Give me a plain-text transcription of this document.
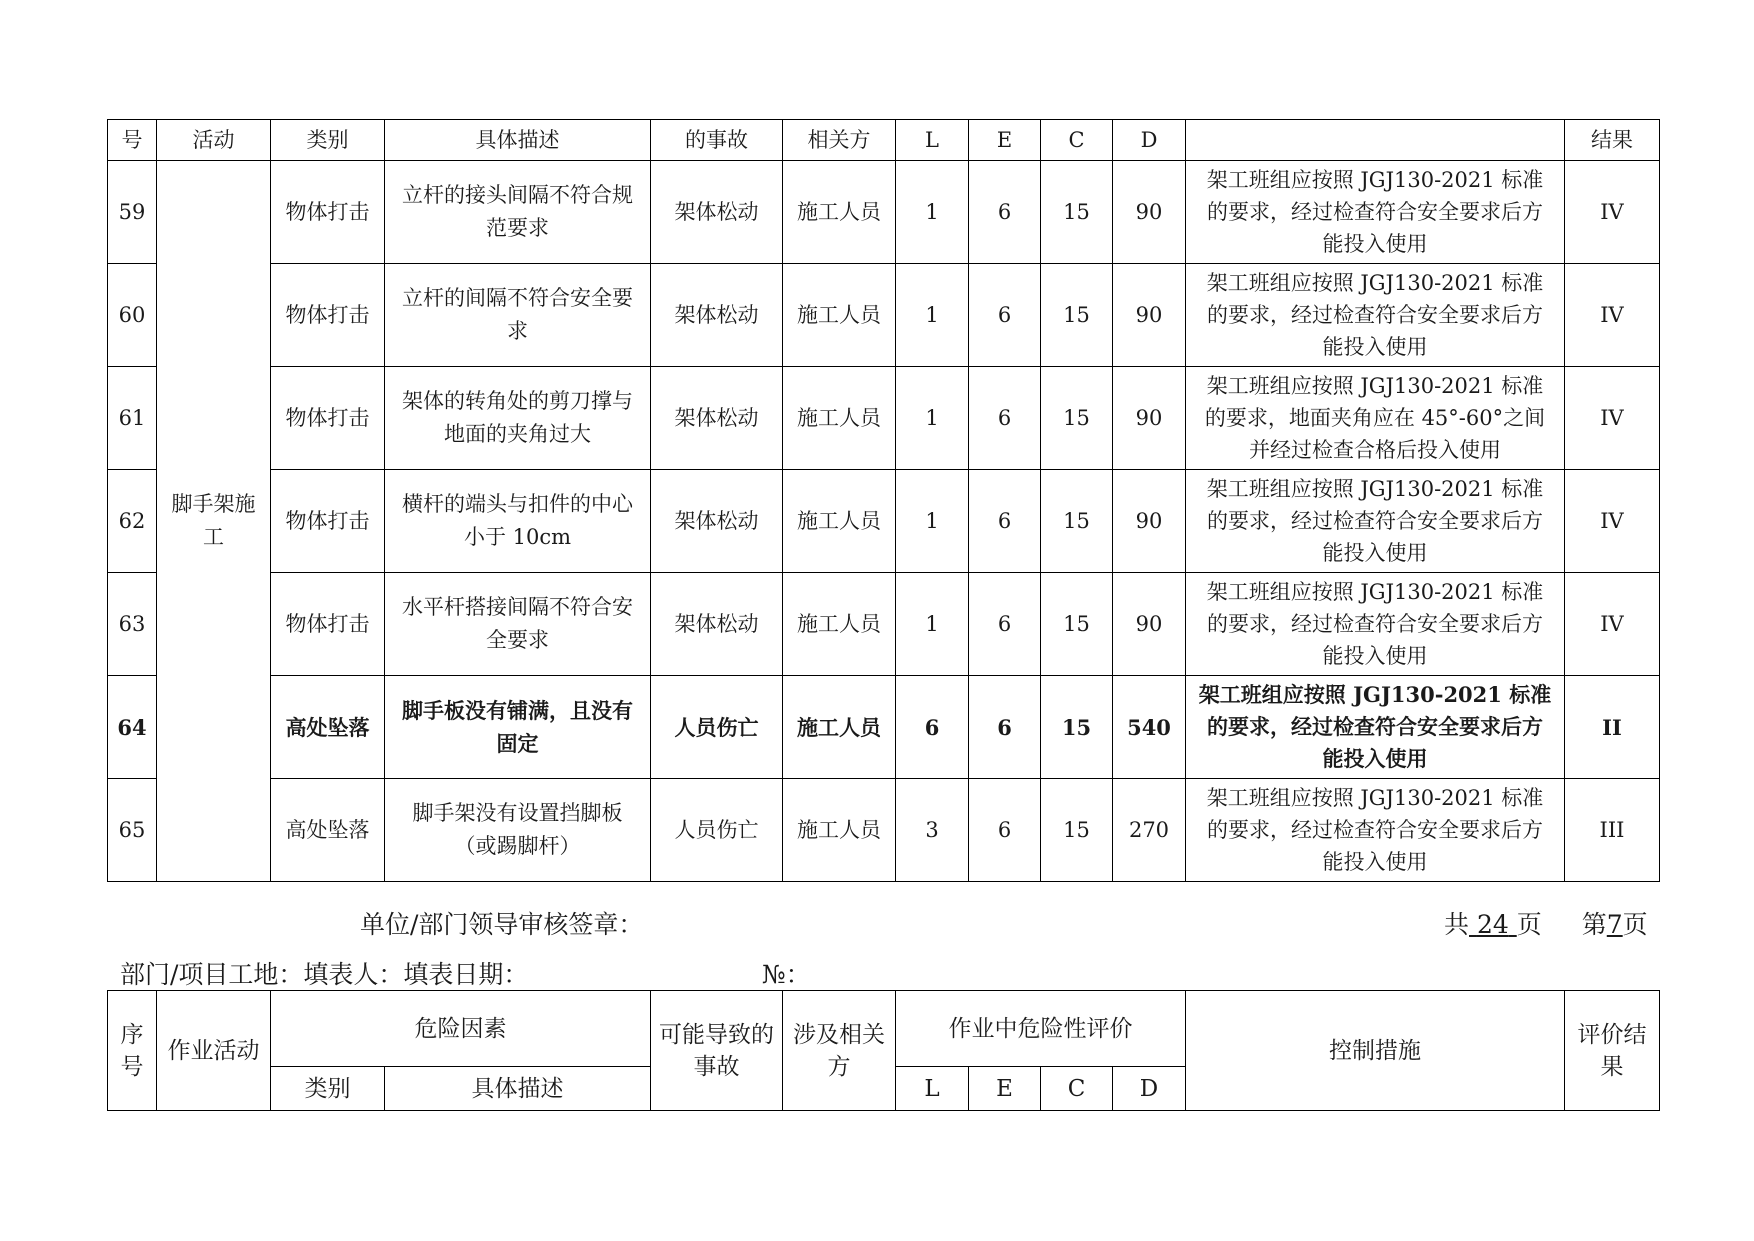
号	活动	类别	具体描述	的事故	相关方	L	E	C	D		结果
59	脚手架施工	物体打击	立杆的接头间隔不符合规范要求	架体松动	施工人员	1	6	15	90	架工班组应按照 JGJ130-2021 标准的要求，经过检查符合安全要求后方能投入使用	IV
60		物体打击	立杆的间隔不符合安全要求	架体松动	施工人员	1	6	15	90	架工班组应按照 JGJ130-2021 标准的要求，经过检查符合安全要求后方能投入使用	IV
61		物体打击	架体的转角处的剪刀撑与地面的夹角过大	架体松动	施工人员	1	6	15	90	架工班组应按照 JGJ130-2021 标准的要求，地面夹角应在 45°-60°之间并经过检查合格后投入使用	IV
62		物体打击	横杆的端头与扣件的中心小于 10cm	架体松动	施工人员	1	6	15	90	架工班组应按照 JGJ130-2021 标准的要求，经过检查符合安全要求后方能投入使用	IV
63		物体打击	水平杆搭接间隔不符合安全要求	架体松动	施工人员	1	6	15	90	架工班组应按照 JGJ130-2021 标准的要求，经过检查符合安全要求后方能投入使用	IV
64		高处坠落	脚手板没有铺满，且没有固定	人员伤亡	施工人员	6	6	15	540	架工班组应按照 JGJ130-2021 标准的要求，经过检查符合安全要求后方能投入使用	II
65		高处坠落	脚手架没有设置挡脚板（或踢脚杆）	人员伤亡	施工人员	3	6	15	270	架工班组应按照 JGJ130-2021 标准的要求，经过检查符合安全要求后方能投入使用	III
单位/部门领导审核签章：	共 24 页 第7页
部门/项目工地：填表人：填表日期：	№：
序号	作业活动	危险因素		可能导致的事故	涉及相关方	作业中危险性评价				控制措施	评价结果
		类别	具体描述			L	E	C	D		
